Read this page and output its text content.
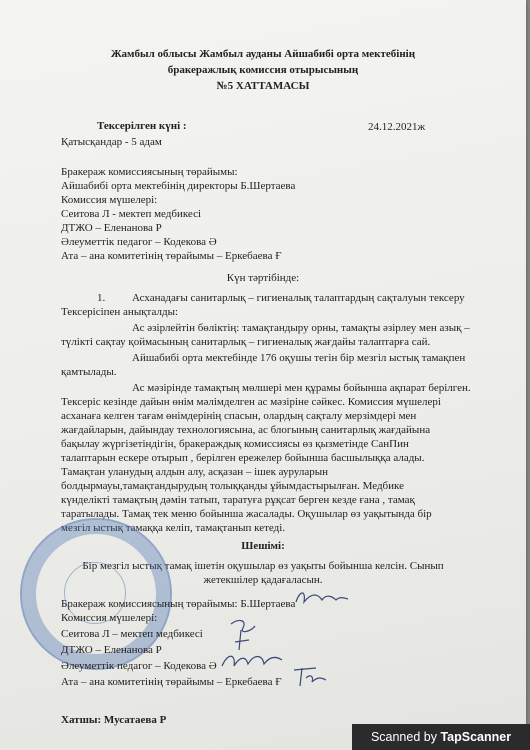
Жамбыл облысы Жамбыл ауданы Айшабибі орта мектебінің
бракеражлық комиссия отырысының
№5 ХАТТАМАСЫ
Тексерілген күні :	24.12.2021ж
Қатысқандар - 5 адам
Бракераж комиссиясының төрайымы:
Айшабибі орта мектебінің директоры Б.Шертаева
Комиссия мүшелері:
Сеитова Л - мектеп медбикесі
ДТЖО – Еленанова Р
Әлеуметтік педагог – Кодекова Ә
Ата – ана комитетінің төрайымы – Еркебаева Ғ
Күн тәртібінде:
1. Асханадағы санитарлық – гигиеналық талаптардың сақталуын тексеру
Тексерісіпен анықталды:
Ас әзірлейтін бөліктің: тамақтандыру орны, тамақты әзірлеу мен азық –
түлікті сақтау қоймасының санитарлық – гигиеналық жағдайы талаптарға сай.
Айшабибі орта мектебінде 176 оқушы тегін бір мезгіл ыстық тамақпен
қамтылады.
Ас мәзірінде тамақтың мөлшері мен құрамы бойынша ақпарат берілген.
Тексеріс кезінде дайын өнім мәлімделген ас мәзіріне сәйкес. Комиссия мүшелері
асханаға келген тағам өнімдерінің спасын, олардың сақталу мерзімдері мен
жағдайларын, дайындау технологиясына, ас блогының санитарлық жағдайына
бақылау жүргізетіндігін, бракераждық комиссиясы өз қызметінде СанПин
талаптарын ескере отырып , берілген ережелер бойынша басшылыққа алады.
Тамақтан уланудың алдын алу, асқазан – ішек ауруларын
болдырмауы,тамақтандырудың толыққанды ұйымдастырылған. Медбике
күнделікті тамақтың дәмін татып, таратуға рұқсат берген кезде ғана , тамақ
таратылады. Тамақ тек меню бойынша жасалады. Оқушылар өз уақытында бір
мезгіл ыстық тамаққа келіп, тамақтанып кетеді.
Шешімі:
Бір мезгіл ыстық тамақ ішетін оқушылар өз уақыты бойынша келсін. Сынып
жетекшілер қадағаласын.
Бракераж комиссиясының төрайымы: Б.Шертаева
Комиссия мүшелері:
Сеитова Л – мектеп медбикесі
ДТЖО – Еленанова Р
Әлеуметтік педагог – Кодекова Ә
Ата – ана комитетінің төрайымы – Еркебаева Ғ
Хатшы: Мусатаева Р
Scanned by TapScanner
